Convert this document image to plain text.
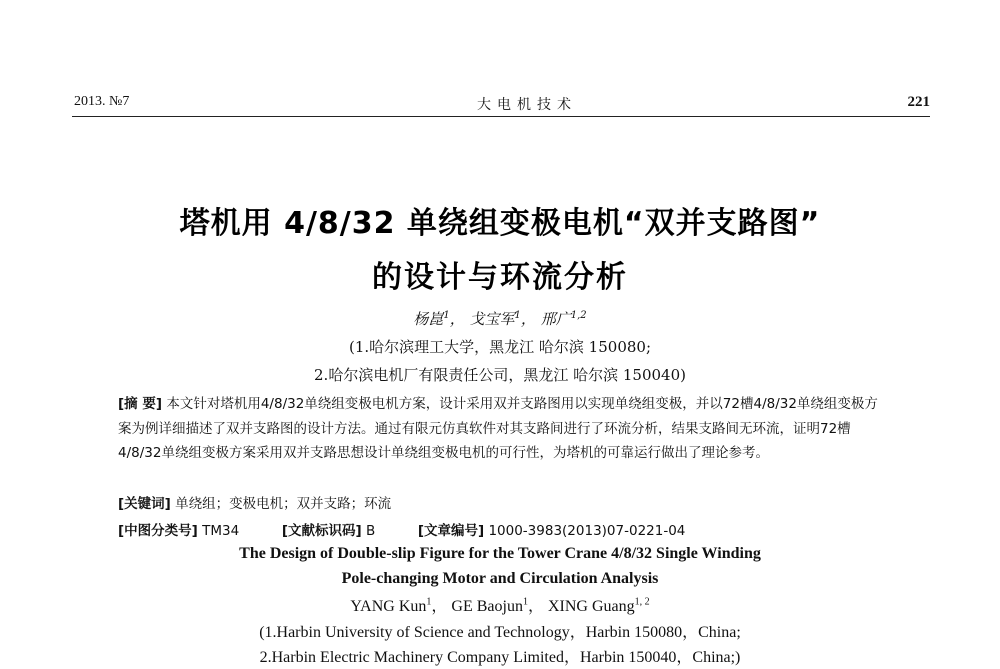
2013. №7	大电机技术	221
塔机用 4/8/32 单绕组变极电机“双并支路图”
的设计与环流分析
杨崑$^1$， 戈宝军$^1$， 邢广$^{1,2}$
(1.哈尔滨理工大学，黑龙江 哈尔滨 150080;
2.哈尔滨电机厂有限责任公司，黑龙江 哈尔滨 150040)
[摘 要] 本文针对塔机用4/8/32单绕组变极电机方案，设计采用双并支路图用以实现单绕组变极，并以72槽4/8/32单绕组变极方案为例详细描述了双并支路图的设计方法。通过有限元仿真软件对其支路间进行了环流分析，结果支路间无环流，证明72槽4/8/32单绕组变极方案采用双并支路思想设计单绕组变极电机的可行性，为塔机的可靠运行做出了理论参考。
[关键词] 单绕组；变极电机；双并支路；环流
[中图分类号] TM34	[文献标识码] B	[文章编号] 1000-3983(2013)07-0221-04
The Design of Double-slip Figure for the Tower Crane 4/8/32 Single Winding
Pole-changing Motor and Circulation Analysis
YANG Kun$^1$， GE Baojun$^1$， XING Guang$^{1, 2}$
(1.Harbin University of Science and Technology，Harbin 150080，China;
2.Harbin Electric Machinery Company Limited，Harbin 150040，China;)
